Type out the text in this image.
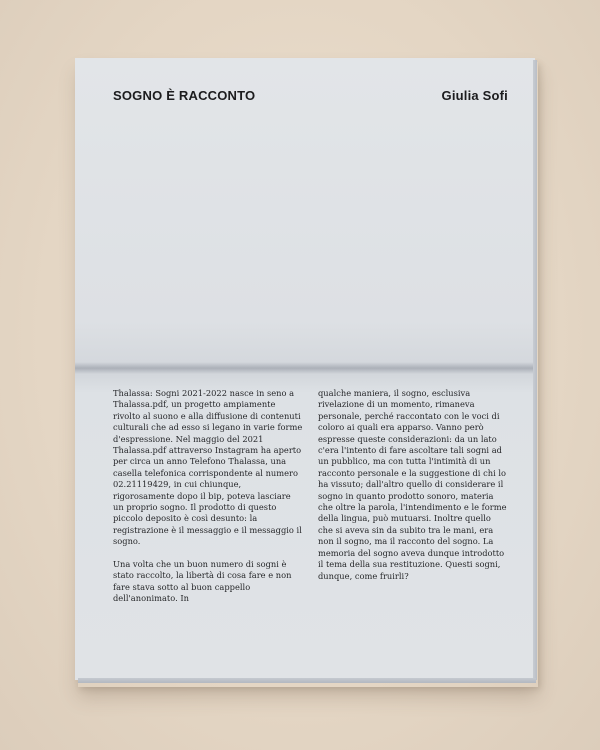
SOGNO È RACCONTO	Giulia Sofi

Thalassa: Sogni 2021-2022 nasce in seno a Thalassa.pdf, un progetto ampiamente rivolto al suono e alla diffusione di contenuti culturali che ad esso si legano in varie forme d'espressione. Nel maggio del 2021 Thalassa.pdf attraverso Instagram ha aperto per circa un anno Telefono Thalassa, una casella telefonica corrispondente al numero 02.21119429, in cui chiunque, rigorosamente dopo il bip, poteva lasciare un proprio sogno. Il prodotto di questo piccolo deposito è così desunto: la registrazione è il messaggio e il messaggio il sogno.

Una volta che un buon numero di sogni è stato raccolto, la libertà di cosa fare e non fare stava sotto al buon cappello dell'anonimato. In

qualche maniera, il sogno, esclusiva rivelazione di un momento, rimaneva personale, perché raccontato con le voci di coloro ai quali era apparso. Vanno però espresse queste considerazioni: da un lato c'era l'intento di fare ascoltare tali sogni ad un pubblico, ma con tutta l'intimità di un racconto personale e la suggestione di chi lo ha vissuto; dall'altro quello di considerare il sogno in quanto prodotto sonoro, materia che oltre la parola, l'intendimento e le forme della lingua, può mutuarsi. Inoltre quello che si aveva sin da subito tra le mani, era non il sogno, ma il racconto del sogno. La memoria del sogno aveva dunque introdotto il tema della sua restituzione. Questi sogni, dunque, come fruirli?
